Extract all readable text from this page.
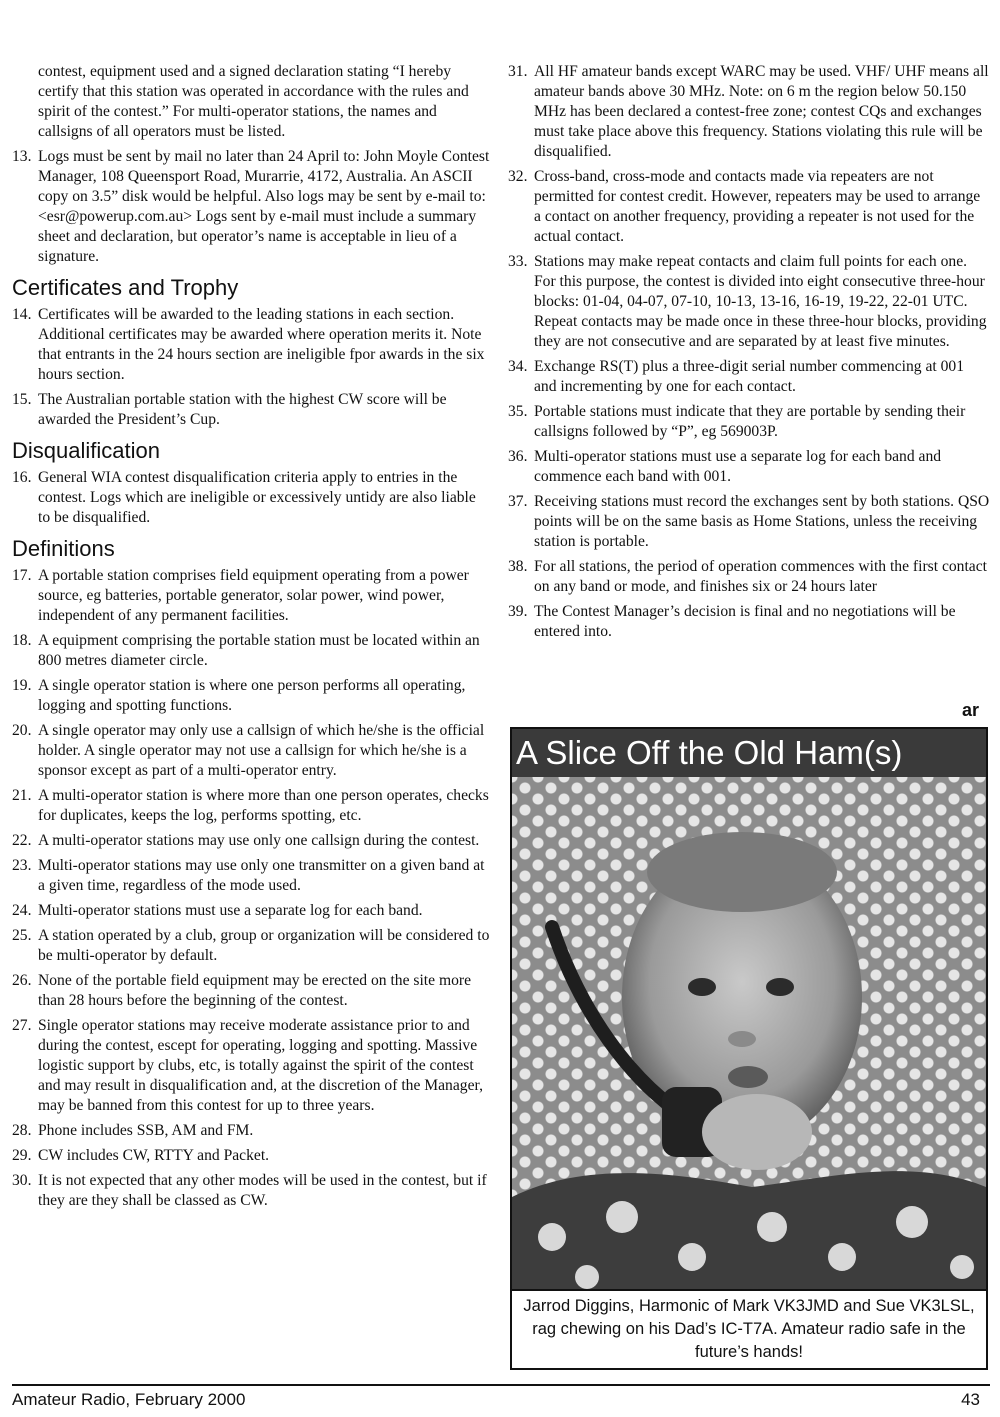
contest, equipment used and a signed declaration stating “I hereby certify that this station was operated in accordance with the rules and spirit of the contest.” For multi-operator stations, the names and callsigns of all operators must be listed.
13. Logs must be sent by mail no later than 24 April to: John Moyle Contest Manager, 108 Queensport Road, Murarrie, 4172, Australia. An ASCII copy on 3.5” disk would be helpful. Also logs may be sent by e-mail to: <esr@powerup.com.au> Logs sent by e-mail must include a summary sheet and declaration, but operator’s name is acceptable in lieu of a signature.
Certificates and Trophy
14. Certificates will be awarded to the leading stations in each section. Additional certificates may be awarded where operation merits it. Note that entrants in the 24 hours section are ineligible fpor awards in the six hours section.
15. The Australian portable station with the highest CW score will be awarded the President’s Cup.
Disqualification
16. General WIA contest disqualification criteria apply to entries in the contest. Logs which are ineligible or excessively untidy are also liable to be disqualified.
Definitions
17. A portable station comprises field equipment operating from a power source, eg batteries, portable generator, solar power, wind power, independent of any permanent facilities.
18. A equipment comprising the portable station must be located within an 800 metres diameter circle.
19. A single operator station is where one person performs all operating, logging and spotting functions.
20. A single operator may only use a callsign of which he/she is the official holder. A single operator may not use a callsign for which he/she is a sponsor except as part of a multi-operator entry.
21. A multi-operator station is where more than one person operates, checks for duplicates, keeps the log, performs spotting, etc.
22. A multi-operator stations may use only one callsign during the contest.
23. Multi-operator stations may use only one transmitter on a given band at a given time, regardless of the mode used.
24. Multi-operator stations must use a separate log for each band.
25. A station operated by a club, group or organization will be considered to be multi-operator by default.
26. None of the portable field equipment may be erected on the site more than 28 hours before the beginning of the contest.
27. Single operator stations may receive moderate assistance prior to and during the contest, escept for operating, logging and spotting. Massive logistic support by clubs, etc, is totally against the spirit of the contest and may result in disqualification and, at the discretion of the Manager, may be banned from this contest for up to three years.
28. Phone includes SSB, AM and FM.
29. CW includes CW, RTTY and Packet.
30. It is not expected that any other modes will be used in the contest, but if they are they shall be classed as CW.
31. All HF amateur bands except WARC may be used. VHF/ UHF means all amateur bands above 30 MHz. Note: on 6 m the region below 50.150 MHz has been declared a contest-free zone; contest CQs and exchanges must take place above this frequency. Stations violating this rule will be disqualified.
32. Cross-band, cross-mode and contacts made via repeaters are not permitted for contest credit. However, repeaters may be used to arrange a contact on another frequency, providing a repeater is not used for the actual contact.
33. Stations may make repeat contacts and claim full points for each one. For this purpose, the contest is divided into eight consecutive three-hour blocks: 01-04, 04-07, 07-10, 10-13, 13-16, 16-19, 19-22, 22-01 UTC. Repeat contacts may be made once in these three-hour blocks, providing they are not consecutive and are separated by at least five minutes.
34. Exchange RS(T) plus a three-digit serial number commencing at 001 and incrementing by one for each contact.
35. Portable stations must indicate that they are portable by sending their callsigns followed by “P”, eg 569003P.
36. Multi-operator stations must use a separate log for each band and commence each band with 001.
37. Receiving stations must record the exchanges sent by both stations. QSO points will be on the same basis as Home Stations, unless the receiving station is portable.
38. For all stations, the period of operation commences with the first contact on any band or mode, and finishes six or 24 hours later
39. The Contest Manager’s decision is final and no negotiations will be entered into.
ar
A Slice Off the Old Ham(s)
Jarrod Diggins, Harmonic of Mark VK3JMD and Sue VK3LSL, rag chewing on his Dad’s IC-T7A. Amateur radio safe in the future’s hands!
Amateur Radio, February 2000	43
